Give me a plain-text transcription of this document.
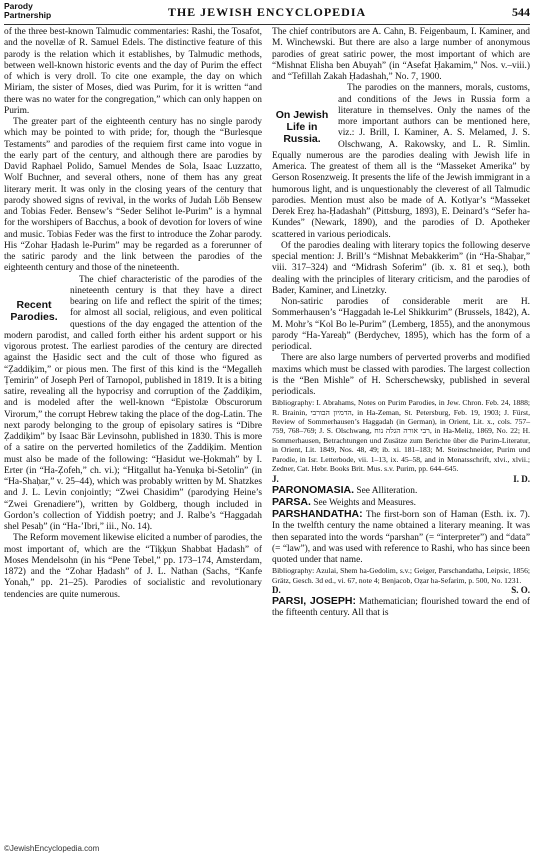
Parody
Partnership	THE JEWISH ENCYCLOPEDIA	544

of the three best-known Talmudic commentaries: Rashi, the Tosafot, and the novellæ of R. Samuel Edels. The distinctive feature of this parody is the relation which it establishes, by Talmudic methods, between well-known historic events and the day of Purim the effect of which is very droll. To cite one example, the day on which Miriam, the sister of Moses, died was Purim, for it is written “and there was no water for the congregation,” which can only happen on Purim.

The greater part of the eighteenth century has no single parody which may be pointed to with pride; for, though the “Burlesque Testaments” and parodies of the requiem first came into vogue in the early part of the century, and although there are parodies by David Raphael Polido, Samuel Mendes de Sola, Isaac Luzzatto, Wolf Buchner, and several others, none of them has any great literary merit. It was only in the closing years of the century that parody showed signs of revival, in the works of Judah Löb Bensew and Tobias Feder. Bensew’s “Seder Selihot le-Purim” is a hymnal for the worshipers of Bacchus, a book of devotion for lovers of wine and music. Tobias Feder was the first to introduce the Zohar parody. His “Zohar Ḥadash le-Purim” may be regarded as a forerunner of the satiric parody and the link between the parodies of the eighteenth century and those of the nineteenth.

Recent Parodies.

The chief characteristic of the parodies of the nineteenth century is that they have a direct bearing on life and reflect the spirit of the times; for almost all social, religious, and even political questions of the day engaged the attention of the modern parodist, and called forth either his ardent support or his vigorous protest. The earliest parodies of the century are directed against the Ḥasidic sect and the cult of those who figured as “Ẓaddiḳim,” or pious men. The first of this kind is the “Megalleh Ṭemirin” of Joseph Perl of Tarnopol, published in 1819. It is a biting satire, revealing all the hypocrisy and corruption of the Ẓaddiḳim, and is modeled after the well-known “Epistolæ Obscurorum Virorum,” the corrupt Hebrew taking the place of the dog-Latin. The next parody belonging to the group of episolary satires is “Dibre Ẓaddiḳim” by Isaac Bär Levinsohn, published in 1830. This is more of a satire on the perverted homiletics of the Ẓaddiḳim. Mention must also be made of the following: “Ḥasidut we-Ḥokmah” by I. Erter (in “Ha-Ẓofeh,” ch. vi.); “Hitgallut ha-Yenuḳa bi-Setolin” (in “Ha-Shaḥar,” v. 25–44), which was probably written by M. Shatzkes and J. L. Levin conjointly; “Zwei Chasidim” (parodying Heine’s “Zwei Grenadiere”), written by Goldberg, though included in Gordon’s collection of Yiddish poetry; and J. Ralbe’s “Haggadah shel Pesaḥ” (in “Ha-’Ibri,” iii., No. 14).

The Reform movement likewise elicited a number of parodies, the most important of, which are the “Tiḳḳun Shabbat Ḥadash” of Moses Mendelsohn (in his “Pene Tebel,” pp. 173–174, Amsterdam, 1872) and the “Zohar Ḥadash” of J. L. Nathan (Sachs, “Kanfe Yonah,” pp. 21–25). Parodies of socialistic and revolutionary tendencies are quite numerous.

The chief contributors are A. Cahn, B. Feigenbaum, I. Kaminer, and M. Winchewski. But there are also a large number of anonymous parodies of great satiric power, the most important of which are “Mishnat Elisha ben Abuyah” (in “Asefat Ḥakamim,” Nos. v.–viii.) and “Tefillah Zakah Ḥadashah,” No. 7, 1900.

On Jewish Life in Russia.

The parodies on the manners, morals, customs, and conditions of the Jews in Russia form a literature in themselves. Only the names of the more important authors can be mentioned here, viz.: J. Brill, I. Kaminer, A. S. Melamed, J. S. Olschwang, A. Rakowsky, and L. R. Simlin. Equally numerous are the parodies dealing with Jewish life in America. The greatest of them all is the “Masseket Amerika” by Gerson Rosenzweig. It presents the life of the Jewish immigrant in a humorous light, and is unquestionably the cleverest of all Talmudic parodies. Mention must also be made of A. Kotlyar’s “Masseket Derek Ereẓ ha-Ḥadashah” (Pittsburg, 1893), E. Deinard’s “Sefer ha-Kundes” (Newark, 1890), and the parodies of D. Apotheker scattered in various periodicals.

Of the parodies dealing with literary topics the following deserve special mention: J. Brill’s “Mishnat Mebakkerim” (in “Ha-Shaḥar,” viii. 317–324) and “Midrash Soferim” (ib. x. 81 et seq.), both dealing with the principles of literary criticism, and the parodies of Bader, Kaminer, and Linetzky.

Non-satiric parodies of considerable merit are H. Sommerhausen’s “Haggadah le-Lel Shikkurim” (Brussels, 1842), A. M. Mohr’s “Kol Bo le-Purim” (Lemberg, 1855), and the anonymous parody “Ha-Yareaḥ” (Berdychev, 1895), which has the form of a periodical.

There are also large numbers of perverted proverbs and modified maxims which must be classed with parodies. The largest collection is the “Ben Mishle” of H. Scherschewsky, published in several periodicals.

Bibliography: I. Abrahams, Notes on Purim Parodies, in Jew. Chron. Feb. 24, 1888; R. Brainin, הדמיון הבורבי, in Ha-Zeman, St. Petersburg, Feb. 19, 1903; J. Fürst, Review of Sommerhausen’s Haggadah (in German), in Orient, Lit. x., cols. 757–759, 768–769; J. S. Olschwang, רבי אורה הגלה נוח, in Ha-Meliẓ, 1869, No. 22; H. Sommerhausen, Betrachtungen und Zusätze zum Berichte über die Purim-Literatur, in Orient, Lit. 1849, Nos. 48, 49; ib. xi. 181–183; M. Steinschneider, Purim und Parodie, in Isr. Letterbode, vii. 1–13, ix. 45–58, and in Monatsschrift, xlvi., xlvii.; Zedner, Cat. Hebr. Books Brit. Mus. s.v. Purim, pp. 644–645.

J.	I. D.

PARONOMASIA. See Alliteration.

PARSA. See Weights and Measures.

PARSHANDATHA: The first-born son of Haman (Esth. ix. 7). In the twelfth century the name obtained a literary meaning. It was then separated into the words “parshan” (= “interpreter”) and “data” (= “law”), and was used with reference to Rashi, who has since been quoted under that name.

Bibliography: Azulai, Shem ha-Gedolim, s.v.; Geiger, Parschandatha, Leipsic, 1856; Grätz, Gesch. 3d ed., vi. 67, note 4; Benjacob, Oẓar ha-Sefarim, p. 500, No. 1231.

D.	S. O.

PARSI, JOSEPH: Mathematician; flourished toward the end of the fifteenth century. All that is

©JewishEncyclopedia.com
